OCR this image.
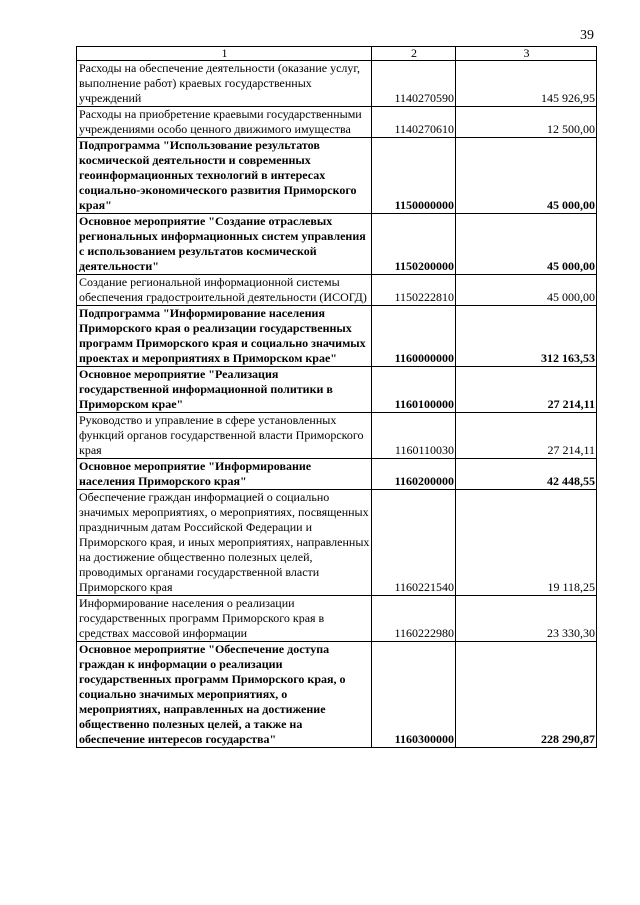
39
1	2	3
Расходы на обеспечение деятельности (оказание услуг, выполнение работ) краевых государственных учреждений	1140270590	145 926,95
Расходы на приобретение краевыми государственными учреждениями особо ценного движимого имущества	1140270610	12 500,00
Подпрограмма "Использование результатов космической деятельности и современных геоинформационных технологий в интересах социально-экономического развития Приморского края"	1150000000	45 000,00
Основное мероприятие "Создание отраслевых региональных информационных систем управления с использованием результатов космической деятельности"	1150200000	45 000,00
Создание региональной информационной системы обеспечения градостроительной деятельности (ИСОГД)	1150222810	45 000,00
Подпрограмма "Информирование населения Приморского края о реализации государственных программ Приморского края и социально значимых проектах и мероприятиях в Приморском крае"	1160000000	312 163,53
Основное мероприятие "Реализация государственной информационной политики в Приморском крае"	1160100000	27 214,11
Руководство и управление в сфере установленных функций органов государственной власти Приморского края	1160110030	27 214,11
Основное мероприятие "Информирование населения Приморского края"	1160200000	42 448,55
Обеспечение граждан информацией о социально значимых мероприятиях, о мероприятиях, посвященных праздничным датам Российской Федерации и Приморского края, и иных мероприятиях, направленных на достижение общественно полезных целей, проводимых органами государственной власти Приморского края	1160221540	19 118,25
Информирование населения о реализации государственных программ Приморского края в средствах массовой информации	1160222980	23 330,30
Основное мероприятие "Обеспечение доступа граждан к информации о реализации государственных программ Приморского края, о социально значимых мероприятиях, о мероприятиях, направленных на достижение общественно полезных целей, а также на обеспечение интересов государства"	1160300000	228 290,87
